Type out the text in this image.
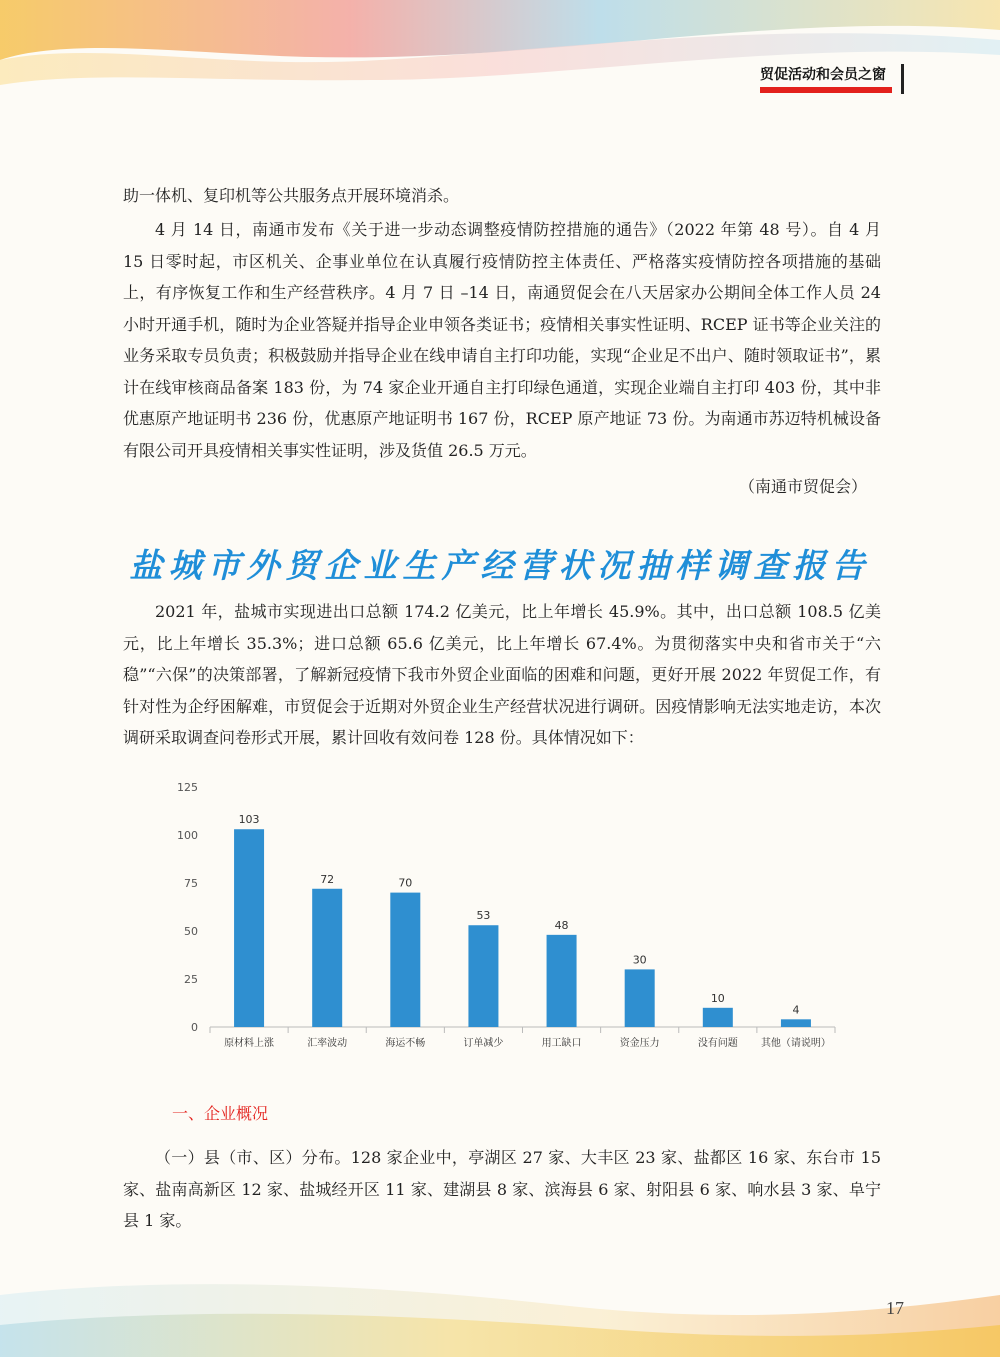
贸促活动和会员之窗

助一体机、复印机等公共服务点开展环境消杀。

4 月 14 日，南通市发布《关于进一步动态调整疫情防控措施的通告》（2022 年第 48 号）。自 4 月 15 日零时起，市区机关、企事业单位在认真履行疫情防控主体责任、严格落实疫情防控各项措施的基础上，有序恢复工作和生产经营秩序。4 月 7 日 –14 日，南通贸促会在八天居家办公期间全体工作人员 24 小时开通手机，随时为企业答疑并指导企业申领各类证书；疫情相关事实性证明、RCEP 证书等企业关注的业务采取专员负责；积极鼓励并指导企业在线申请自主打印功能，实现“企业足不出户、随时领取证书”，累计在线审核商品备案 183 份，为 74 家企业开通自主打印绿色通道，实现企业端自主打印 403 份，其中非优惠原产地证明书 236 份，优惠原产地证明书 167 份，RCEP 原产地证 73 份。为南通市苏迈特机械设备有限公司开具疫情相关事实性证明，涉及货值 26.5 万元。

（南通市贸促会）
盐城市外贸企业生产经营状况抽样调查报告

2021 年，盐城市实现进出口总额 174.2 亿美元，比上年增长 45.9%。其中，出口总额 108.5 亿美元，比上年增长 35.3%；进口总额 65.6 亿美元，比上年增长 67.4%。为贯彻落实中央和省市关于“六稳”“六保”的决策部署，了解新冠疫情下我市外贸企业面临的困难和问题，更好开展 2022 年贸促工作，有针对性为企纾困解难，市贸促会于近期对外贸企业生产经营状况进行调研。因疫情影响无法实地走访，本次调研采取调查问卷形式开展，累计回收有效问卷 128 份。具体情况如下：

0
25
50
75
100
125
103
原材料上涨
72
汇率波动
70
海运不畅
53
订单减少
48
用工缺口
30
资金压力
10
没有问题
4
其他（请说明）
一、企业概况

（一）县（市、区）分布。128 家企业中，亭湖区 27 家、大丰区 23 家、盐都区 16 家、东台市 15 家、盐南高新区 12 家、盐城经开区 11 家、建湖县 8 家、滨海县 6 家、射阳县 6 家、响水县 3 家、阜宁县 1 家。

17
